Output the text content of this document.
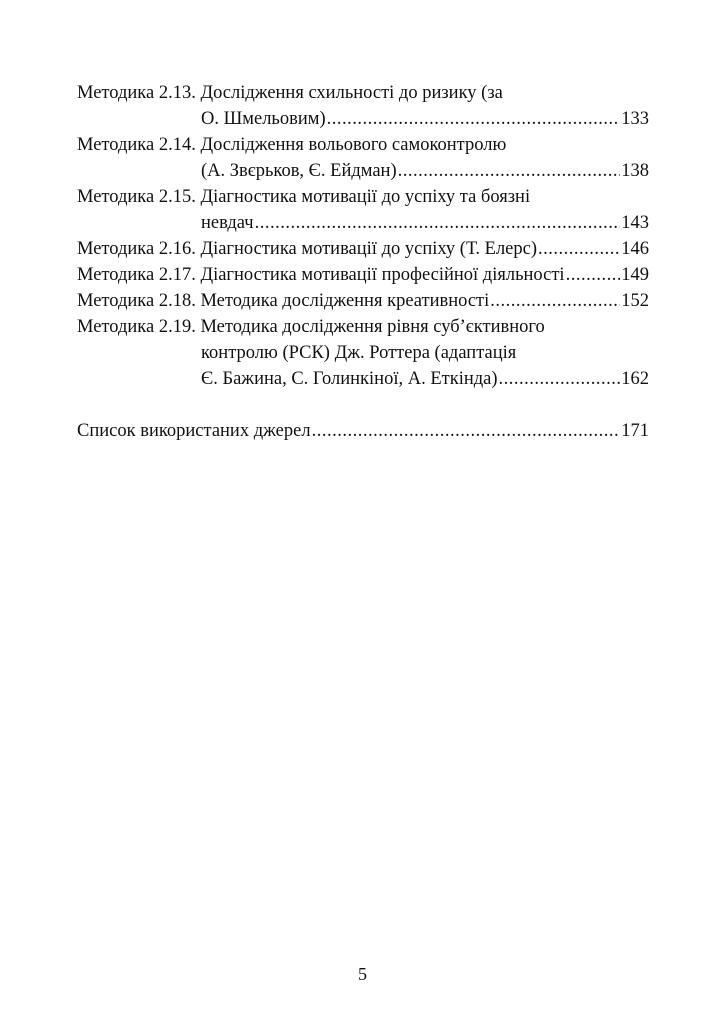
Методика 2.13. Дослідження схильності до ризику (за
О. Шмельовим) .....	133
Методика 2.14. Дослідження вольового самоконтролю
(А. Звєрьков, Є. Ейдман) .....	138
Методика 2.15. Діагностика мотивації до успіху та боязні
невдач .....	143
Методика 2.16. Діагностика мотивації до успіху (Т. Елерс) .....	146
Методика 2.17. Діагностика мотивації професійної діяльності .....	149
Методика 2.18. Методика дослідження креативності .....	152
Методика 2.19. Методика дослідження рівня суб’єктивного
контролю (РСК) Дж. Роттера (адаптація
Є. Бажина, С. Голинкіної, А. Еткінда) .....	162
Список використаних джерел .....	171
5
